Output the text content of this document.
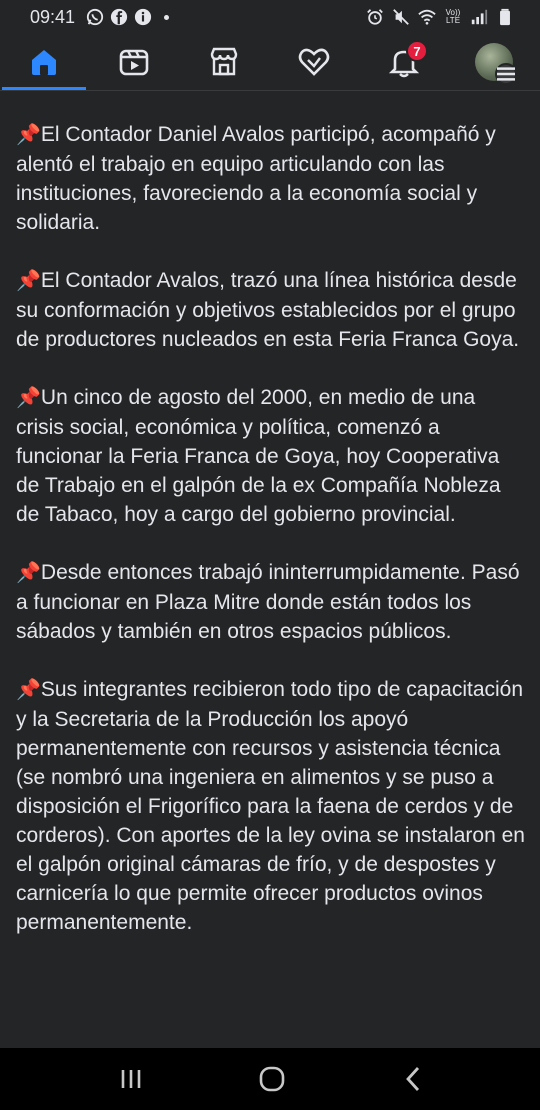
09:41	Vo)) LTE
7

📌El Contador Daniel Avalos participó, acompañó y alentó el trabajo en equipo articulando con las instituciones, favoreciendo a la economía social y solidaria.

📌El Contador Avalos, trazó una línea histórica desde su conformación y objetivos establecidos por el grupo de productores nucleados en esta Feria Franca Goya.

📌Un cinco de agosto del 2000, en medio de una crisis social, económica y política, comenzó a funcionar la Feria Franca de Goya, hoy Cooperativa de Trabajo en el galpón de la ex Compañía Nobleza de Tabaco, hoy a cargo del gobierno provincial.

📌Desde entonces trabajó ininterrumpidamente. Pasó a funcionar en Plaza Mitre donde están todos los sábados y también en otros espacios públicos.

📌Sus integrantes recibieron todo tipo de capacitación y la Secretaria de la Producción los apoyó permanentemente con recursos y asistencia técnica (se nombró una ingeniera en alimentos y se puso a disposición el Frigorífico para la faena de cerdos y de corderos). Con aportes de la ley ovina se instalaron en el galpón original cámaras de frío, y de despostes y carnicería lo que permite ofrecer productos ovinos permanentemente.
